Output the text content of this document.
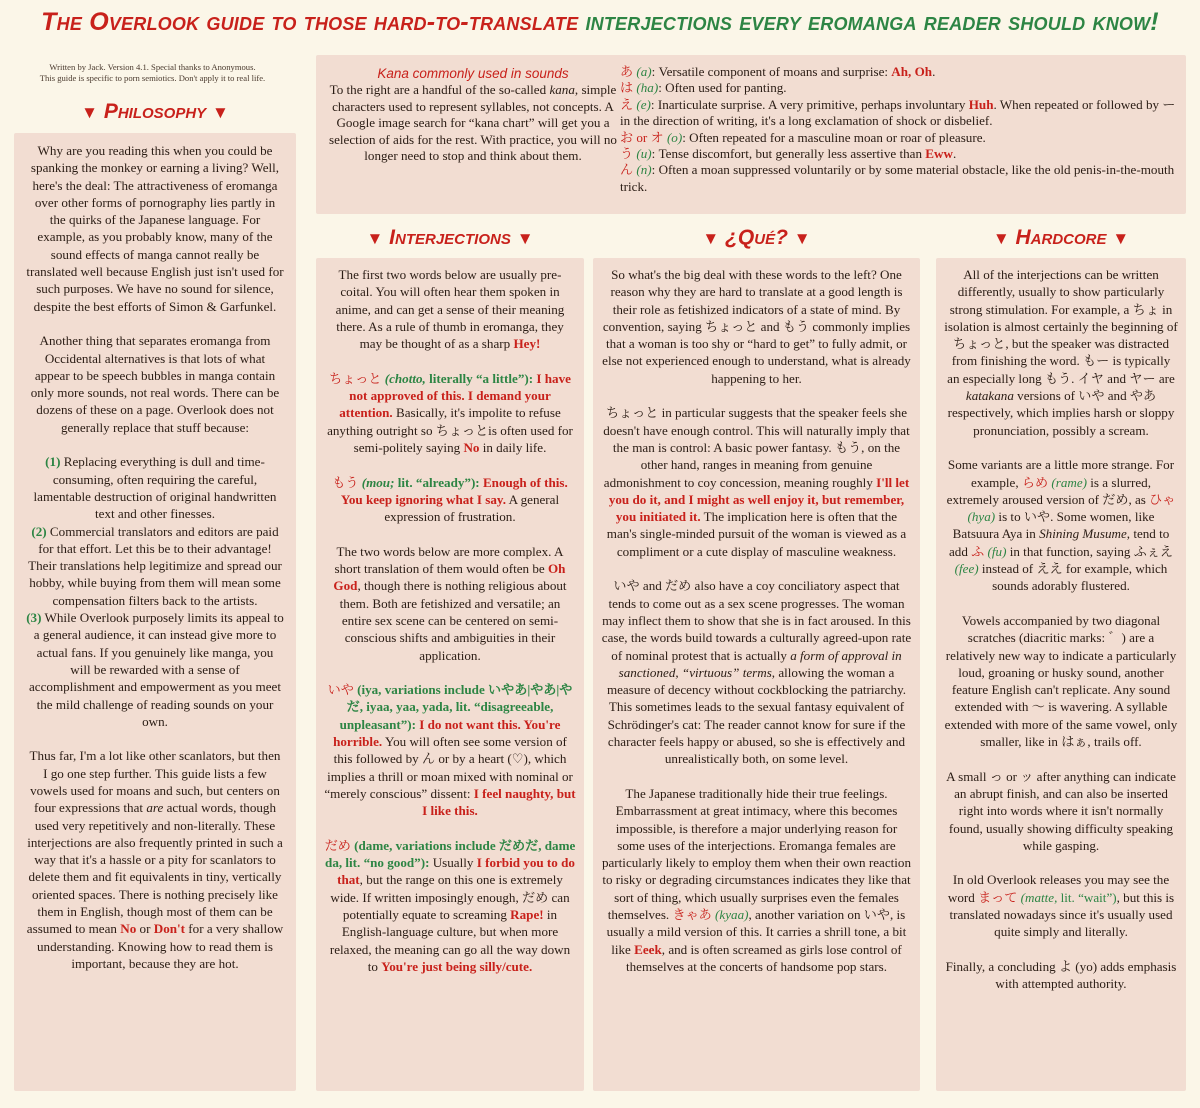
The Overlook guide to those hard-to-translate interjections every eromanga reader should know!
Written by Jack. Version 4.1. Special thanks to Anonymous.
This guide is specific to porn semiotics. Don't apply it to real life.
▼ Philosophy ▼
▼ Interjections ▼	▼ ¿Qué? ▼	▼ Hardcore ▼
Kana commonly used in sounds
To the right are a handful of the so-called kana, simple characters used to represent syllables, not concepts. A Google image search for “kana chart” will get you a selection of aids for the rest. With practice, you will no longer need to stop and think about them.
あ (a): Versatile component of moans and surprise: Ah, Oh.
は (ha): Often used for panting.
え (e): Inarticulate surprise. A very primitive, perhaps involuntary Huh. When repeated or followed by ー in the direction of writing, it's a long exclamation of shock or disbelief.
お or オ (o): Often repeated for a masculine moan or roar of pleasure.
う (u): Tense discomfort, but generally less assertive than Eww.
ん (n): Often a moan suppressed voluntarily or by some material obstacle, like the old penis-in-the-mouth trick.

Why are you reading this when you could be spanking the monkey or earning a living? Well, here's the deal: The attractiveness of eromanga over other forms of pornography lies partly in the quirks of the Japanese language. For example, as you probably know, many of the sound effects of manga cannot really be translated well because English just isn't used for such purposes. We have no sound for silence, despite the best efforts of Simon & Garfunkel.

Another thing that separates eromanga from Occidental alternatives is that lots of what appear to be speech bubbles in manga contain only more sounds, not real words. There can be dozens of these on a page. Overlook does not generally replace that stuff because:

(1) Replacing everything is dull and time-consuming, often requiring the careful, lamentable destruction of original handwritten text and other finesses.
(2) Commercial translators and editors are paid for that effort. Let this be to their advantage! Their translations help legitimize and spread our hobby, while buying from them will mean some compensation filters back to the artists.

(3) While Overlook purposely limits its appeal to a general audience, it can instead give more to actual fans. If you genuinely like manga, you will be rewarded with a sense of accomplishment and empowerment as you meet the mild challenge of reading sounds on your own.

Thus far, I'm a lot like other scanlators, but then I go one step further. This guide lists a few vowels used for moans and such, but centers on four expressions that are actual words, though used very repetitively and non-literally. These interjections are also frequently printed in such a way that it's a hassle or a pity for scanlators to delete them and fit equivalents in tiny, vertically oriented spaces. There is nothing precisely like them in English, though most of them can be assumed to mean No or Don't for a very shallow understanding. Knowing how to read them is important, because they are hot.

The first two words below are usually pre-coital. You will often hear them spoken in anime, and can get a sense of their meaning there. As a rule of thumb in eromanga, they may be thought of as a sharp Hey!

ちょっと (chotto, literally “a little”): I have not approved of this. I demand your attention. Basically, it's impolite to refuse anything outright so ちょっとis often used for semi-politely saying No in daily life.

もう (mou; lit. “already”): Enough of this. You keep ignoring what I say. A general expression of frustration.

The two words below are more complex. A short translation of them would often be Oh God, though there is nothing religious about them. Both are fetishized and versatile; an entire sex scene can be centered on semi-conscious shifts and ambiguities in their application.

いや (iya, variations include いやあ|やあ|やだ, iyaa, yaa, yada, lit. “disagreeable, unpleasant”): I do not want this. You're horrible. You will often see some version of this followed by ん or by a heart (♡), which implies a thrill or moan mixed with nominal or “merely conscious” dissent: I feel naughty, but I like this.

だめ (dame, variations include だめだ, dame da, lit. “no good”): Usually I forbid you to do that, but the range on this one is extremely wide. If written imposingly enough, だめ can potentially equate to screaming Rape! in English-language culture, but when more relaxed, the meaning can go all the way down to You're just being silly/cute.

So what's the big deal with these words to the left? One reason why they are hard to translate at a good length is their role as fetishized indicators of a state of mind. By convention, saying ちょっと and もう commonly implies that a woman is too shy or “hard to get” to fully admit, or else not experienced enough to understand, what is already happening to her.

ちょっと in particular suggests that the speaker feels she doesn't have enough control. This will naturally imply that the man is control: A basic power fantasy. もう, on the other hand, ranges in meaning from genuine admonishment to coy concession, meaning roughly I'll let you do it, and I might as well enjoy it, but remember, you initiated it. The implication here is often that the man's single-minded pursuit of the woman is viewed as a compliment or a cute display of masculine weakness.

いや and だめ also have a coy conciliatory aspect that tends to come out as a sex scene progresses. The woman may inflect them to show that she is in fact aroused. In this case, the words build towards a culturally agreed-upon rate of nominal protest that is actually a form of approval in sanctioned, “virtuous” terms, allowing the woman a measure of decency without cockblocking the patriarchy. This sometimes leads to the sexual fantasy equivalent of Schrödinger's cat: The reader cannot know for sure if the character feels happy or abused, so she is effectively and unrealistically both, on some level.

The Japanese traditionally hide their true feelings. Embarrassment at great intimacy, where this becomes impossible, is therefore a major underlying reason for some uses of the interjections. Eromanga females are particularly likely to employ them when their own reaction to risky or degrading circumstances indicates they like that sort of thing, which usually surprises even the females themselves. きゃあ (kyaa), another variation on いや, is usually a mild version of this. It carries a shrill tone, a bit like Eeek, and is often screamed as girls lose control of themselves at the concerts of handsome pop stars.

All of the interjections can be written differently, usually to show particularly strong stimulation. For example, a ちょ in isolation is almost certainly the beginning of ちょっと, but the speaker was distracted from finishing the word. もー is typically an especially long もう. イヤ and ヤー are katakana versions of いや and やあ respectively, which implies harsh or sloppy pronunciation, possibly a scream.

Some variants are a little more strange. For example, らめ (rame) is a slurred, extremely aroused version of だめ, as ひゃ (hya) is to いや. Some women, like Batsuura Aya in Shining Musume, tend to add ふ (fu) in that function, saying ふぇえ (fee) instead of ええ for example, which sounds adorably flustered.

Vowels accompanied by two diagonal scratches (diacritic marks: ゛) are a relatively new way to indicate a particularly loud, groaning or husky sound, another feature English can't replicate. Any sound extended with 〜 is wavering. A syllable extended with more of the same vowel, only smaller, like in はぁ, trails off.

A small っ or ッ after anything can indicate an abrupt finish, and can also be inserted right into words where it isn't normally found, usually showing difficulty speaking while gasping.

In old Overlook releases you may see the word まって (matte, lit. “wait”), but this is translated nowadays since it's usually used quite simply and literally.

Finally, a concluding よ (yo) adds emphasis with attempted authority.
